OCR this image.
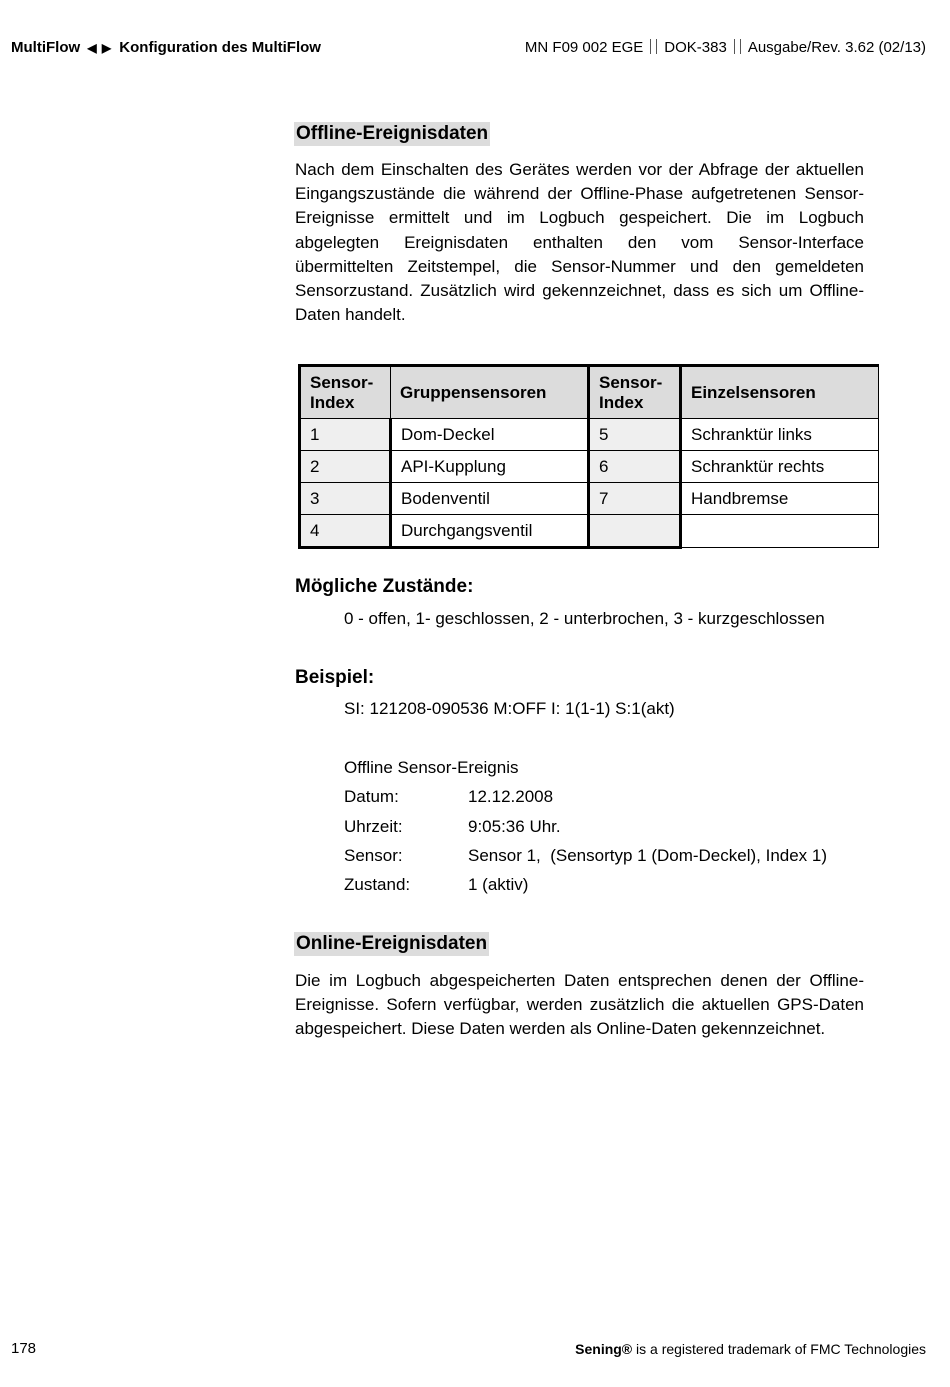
MultiFlow ◀ ▶ Konfiguration des MultiFlow	MN F09 002 EGE DOK-383 Ausgabe/Rev. 3.62 (02/13)
Offline-Ereignisdaten
Nach dem Einschalten des Gerätes werden vor der Abfrage der aktuellen Eingangszustände die während der Offline-Phase aufgetretenen Sensor-Ereignisse ermittelt und im Logbuch gespeichert. Die im Logbuch abgelegten Ereignisdaten enthalten den vom Sensor-Interface übermittelten Zeitstempel, die Sensor-Nummer und den gemeldeten Sensorzustand. Zusätzlich wird gekennzeichnet, dass es sich um Offline-Daten handelt.
Sensor-Index	Gruppensensoren	Sensor-Index	Einzelsensoren
1	Dom-Deckel	5	Schranktür links
2	API-Kupplung	6	Schranktür rechts
3	Bodenventil	7	Handbremse
4	Durchgangsventil		
Mögliche Zustände:
0 - offen, 1- geschlossen, 2 - unterbrochen, 3 - kurzgeschlossen
Beispiel:
SI: 121208-090536 M:OFF I: 1(1-1) S:1(akt)
Offline Sensor-Ereignis
Datum:	12.12.2008
Uhrzeit:	9:05:36 Uhr.
Sensor:	Sensor 1,  (Sensortyp 1 (Dom-Deckel), Index 1)
Zustand:	1 (aktiv)
Online-Ereignisdaten
Die im Logbuch abgespeicherten Daten entsprechen denen der Offline-Ereignisse. Sofern verfügbar, werden zusätzlich die aktuellen GPS-Daten abgespeichert. Diese Daten werden als Online-Daten gekennzeichnet.
178	Sening® is a registered trademark of FMC Technologies
